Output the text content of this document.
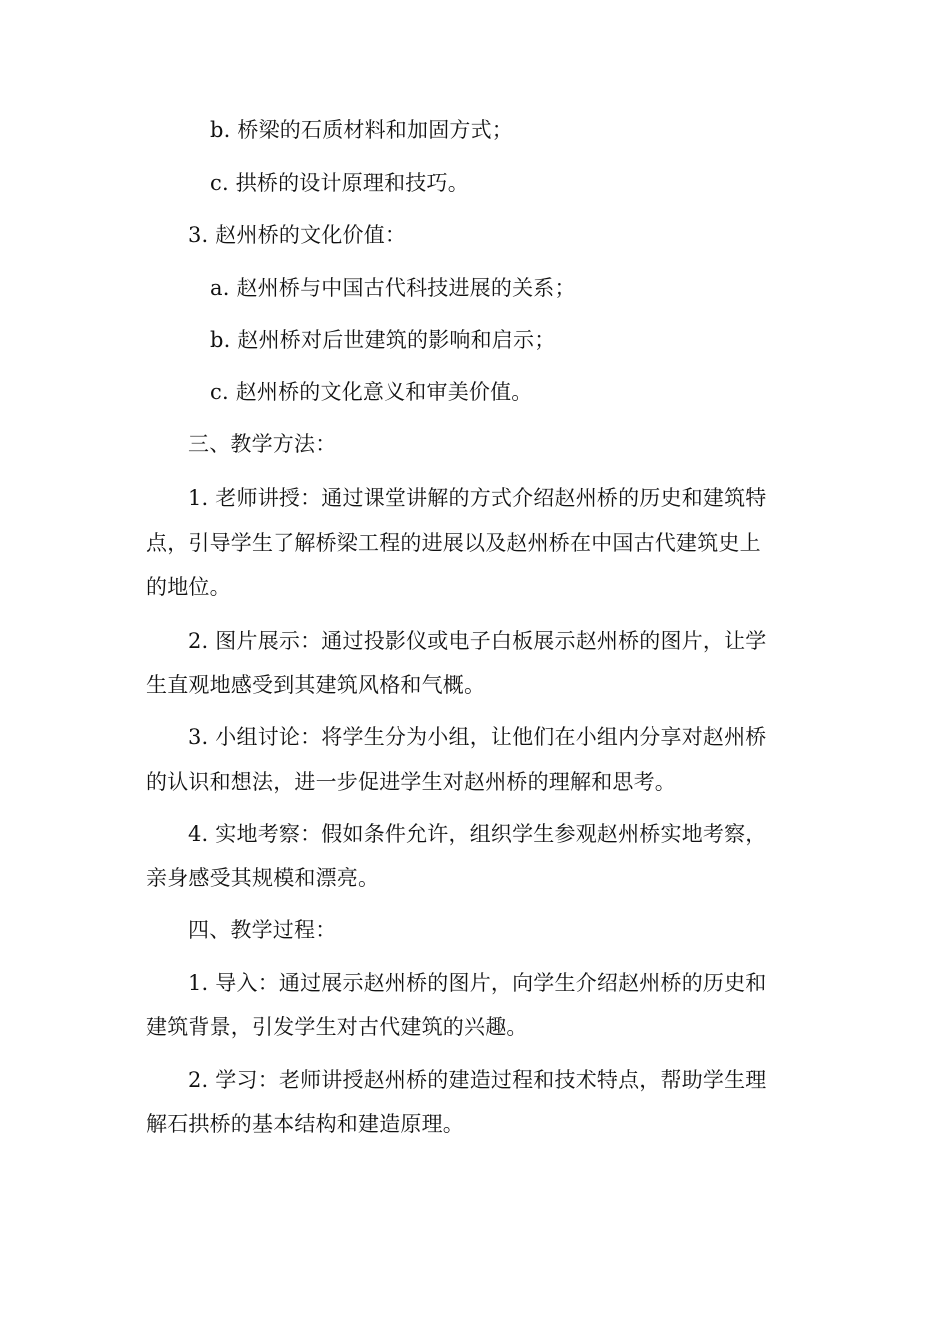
b. 桥梁的石质材料和加固方式；
c. 拱桥的设计原理和技巧。
3. 赵州桥的文化价值：
a. 赵州桥与中国古代科技进展的关系；
b. 赵州桥对后世建筑的影响和启示；
c. 赵州桥的文化意义和审美价值。
三、教学方法：
1. 老师讲授：通过课堂讲解的方式介绍赵州桥的历史和建筑特
点，引导学生了解桥梁工程的进展以及赵州桥在中国古代建筑史上
的地位。
2. 图片展示：通过投影仪或电子白板展示赵州桥的图片，让学
生直观地感受到其建筑风格和气概。
3. 小组讨论：将学生分为小组，让他们在小组内分享对赵州桥
的认识和想法，进一步促进学生对赵州桥的理解和思考。
4. 实地考察：假如条件允许，组织学生参观赵州桥实地考察，
亲身感受其规模和漂亮。
四、教学过程：
1. 导入：通过展示赵州桥的图片，向学生介绍赵州桥的历史和
建筑背景，引发学生对古代建筑的兴趣。
2. 学习：老师讲授赵州桥的建造过程和技术特点，帮助学生理
解石拱桥的基本结构和建造原理。
